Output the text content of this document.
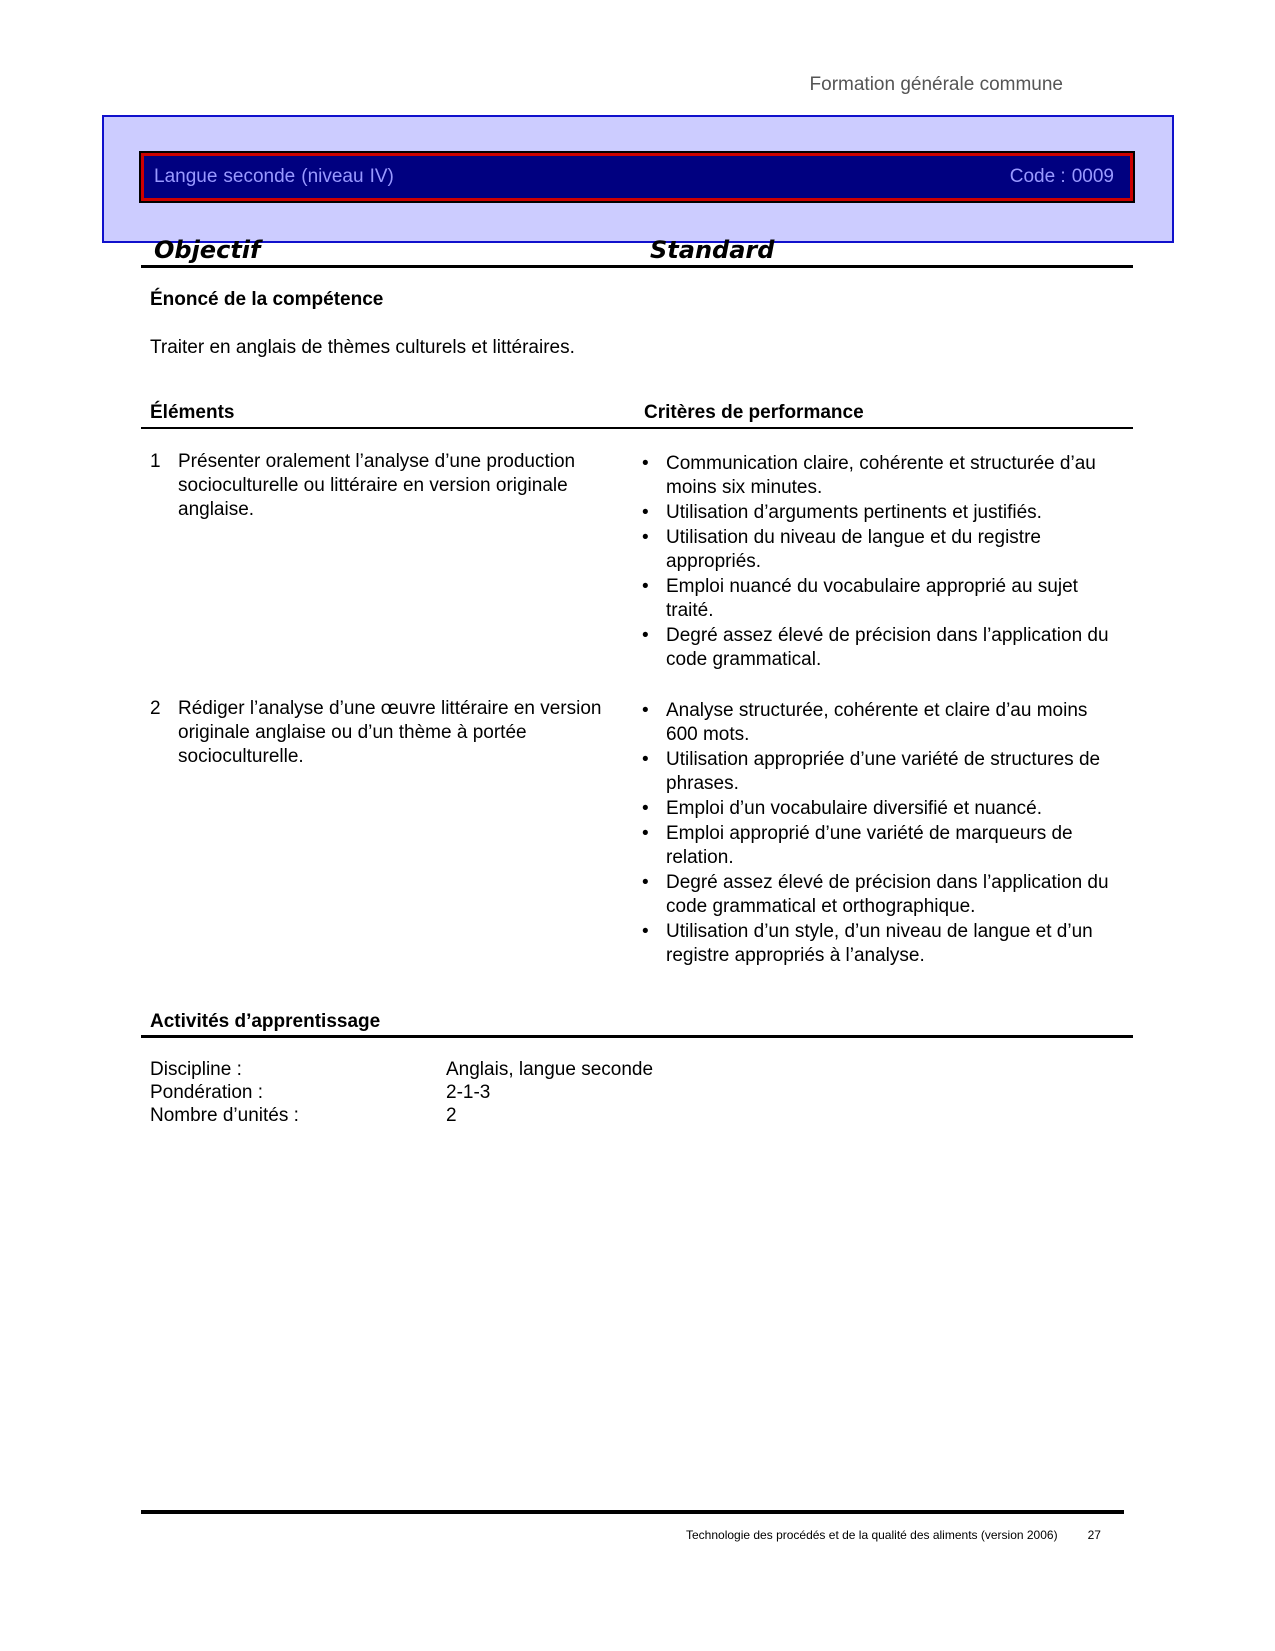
Formation générale commune
Langue seconde (niveau IV)	Code : 0009
Objectif	Standard
Énoncé de la compétence
Traiter en anglais de thèmes culturels et littéraires.
Éléments	Critères de performance
1 Présenter oralement l’analyse d’une production socioculturelle ou littéraire en version originale anglaise.
• Communication claire, cohérente et structurée d’au moins six minutes.
• Utilisation d’arguments pertinents et justifiés.
• Utilisation du niveau de langue et du registre appropriés.
• Emploi nuancé du vocabulaire approprié au sujet traité.
• Degré assez élevé de précision dans l’application du code grammatical.
2 Rédiger l’analyse d’une œuvre littéraire en version originale anglaise ou d’un thème à portée socioculturelle.
• Analyse structurée, cohérente et claire d’au moins 600 mots.
• Utilisation appropriée d’une variété de structures de phrases.
• Emploi d’un vocabulaire diversifié et nuancé.
• Emploi approprié d’une variété de marqueurs de relation.
• Degré assez élevé de précision dans l’application du code grammatical et orthographique.
• Utilisation d’un style, d’un niveau de langue et d’un registre appropriés à l’analyse.
Activités d’apprentissage
Discipline :	Anglais, langue seconde
Pondération :	2-1-3
Nombre d’unités :	2
Technologie des procédés et de la qualité des aliments (version 2006)	27
